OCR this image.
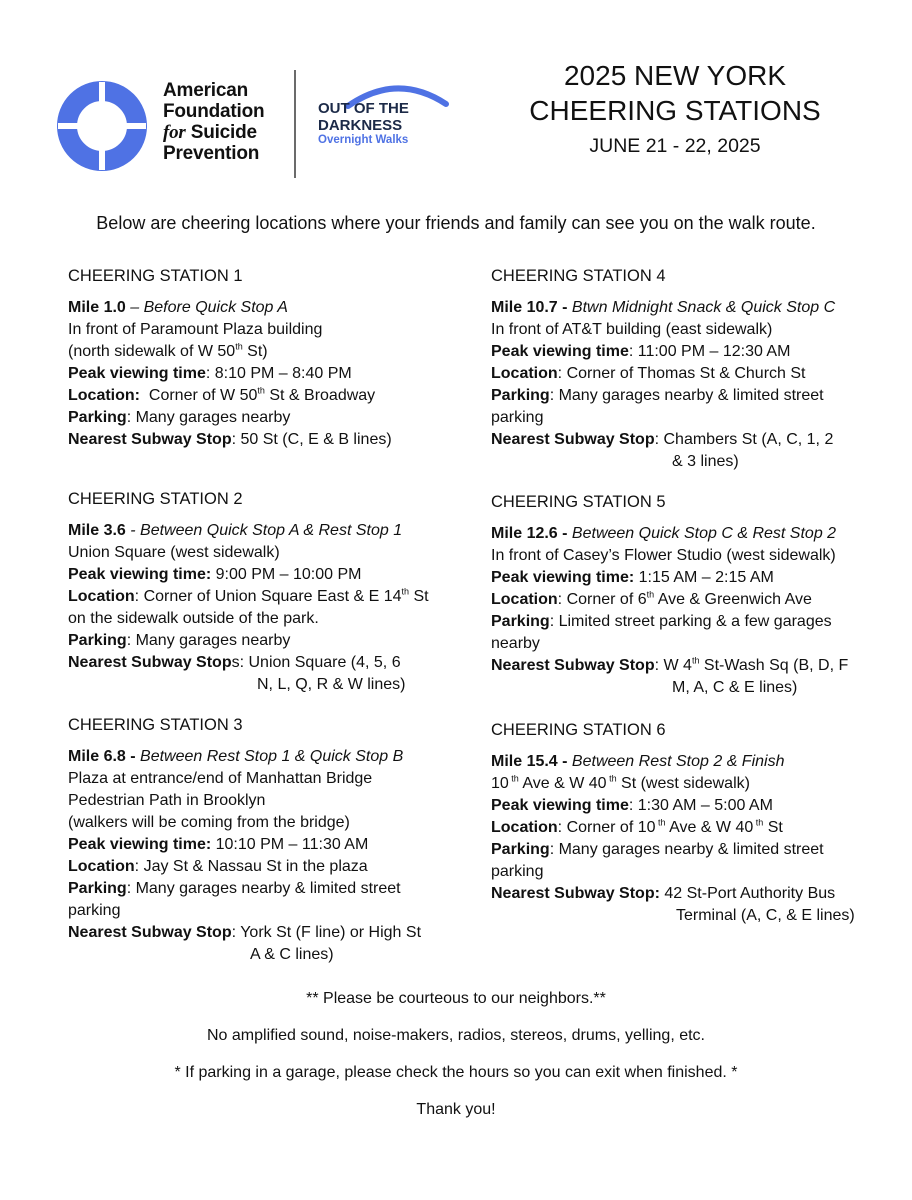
American
Foundation
for Suicide
Prevention
OUT OF THE
DARKNESS
Overnight Walks
2025 NEW YORK
CHEERING STATIONS
JUNE 21 - 22, 2025
Below are cheering locations where your friends and family can see you on the walk route.
CHEERING STATION 1
Mile 1.0 – Before Quick Stop A
In front of Paramount Plaza building
(north sidewalk of W 50th St)
Peak viewing time: 8:10 PM – 8:40 PM
Location:  Corner of W 50th St & Broadway
Parking: Many garages nearby
Nearest Subway Stop: 50 St (C, E & B lines)
CHEERING STATION 2
Mile 3.6 - Between Quick Stop A & Rest Stop 1
Union Square (west sidewalk)
Peak viewing time: 9:00 PM – 10:00 PM
Location: Corner of Union Square East & E 14th St
on the sidewalk outside of the park.
Parking: Many garages nearby
Nearest Subway Stops: Union Square (4, 5, 6
N, L, Q, R & W lines)
CHEERING STATION 3
Mile 6.8 - Between Rest Stop 1 & Quick Stop B
Plaza at entrance/end of Manhattan Bridge
Pedestrian Path in Brooklyn
(walkers will be coming from the bridge)
Peak viewing time: 10:10 PM – 11:30 AM
Location: Jay St & Nassau St in the plaza
Parking: Many garages nearby & limited street
parking
Nearest Subway Stop: York St (F line) or High St
A & C lines)
CHEERING STATION 4
Mile 10.7 - Btwn Midnight Snack & Quick Stop C
In front of AT&T building (east sidewalk)
Peak viewing time: 11:00 PM – 12:30 AM
Location: Corner of Thomas St & Church St
Parking: Many garages nearby & limited street
parking
Nearest Subway Stop: Chambers St (A, C, 1, 2
& 3 lines)
CHEERING STATION 5
Mile 12.6 - Between Quick Stop C & Rest Stop 2
In front of Casey’s Flower Studio (west sidewalk)
Peak viewing time: 1:15 AM – 2:15 AM
Location: Corner of 6th Ave & Greenwich Ave
Parking: Limited street parking & a few garages
nearby
Nearest Subway Stop: W 4th St-Wash Sq (B, D, F
M, A, C & E lines)
CHEERING STATION 6
Mile 15.4 - Between Rest Stop 2 & Finish
10 $^{th}$ Ave & W 40 $^{th}$ St (west sidewalk)
Peak viewing time: 1:30 AM – 5:00 AM
Location: Corner of 10 $^{th}$ Ave & W 40 $^{th}$ St
Parking: Many garages nearby & limited street
parking
Nearest Subway Stop: 42 St-Port Authority Bus
Terminal (A, C, & E lines)

** Please be courteous to our neighbors.**

No amplified sound, noise-makers, radios, stereos, drums, yelling, etc.

* If parking in a garage, please check the hours so you can exit when finished. *

Thank you!
